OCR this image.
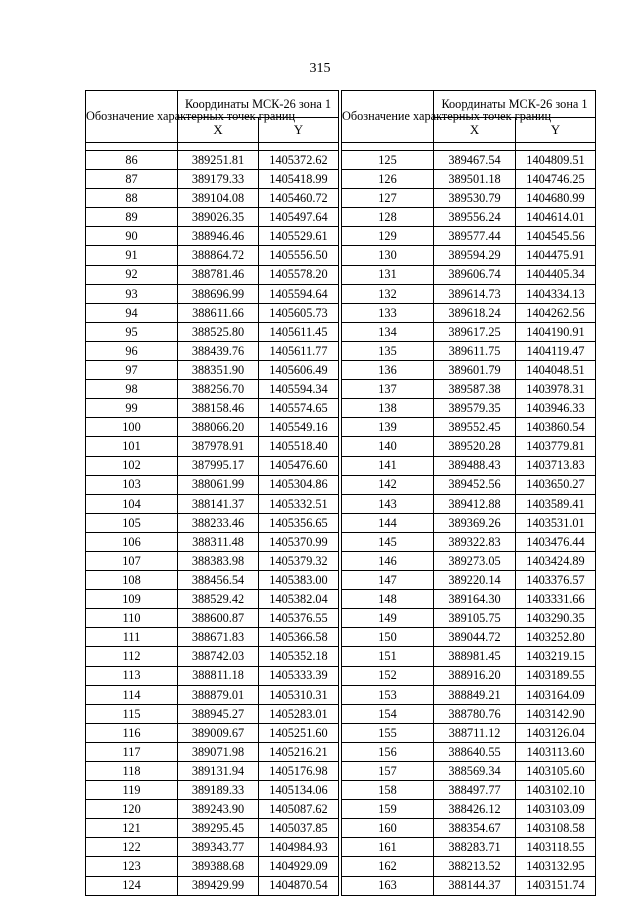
315
Обозначение характерных точек границ	Координаты МСК-26 зона 1	
	X	Y

86	389251.81	1405372.62
87	389179.33	1405418.99
88	389104.08	1405460.72
89	389026.35	1405497.64
90	388946.46	1405529.61
91	388864.72	1405556.50
92	388781.46	1405578.20
93	388696.99	1405594.64
94	388611.66	1405605.73
95	388525.80	1405611.45
96	388439.76	1405611.77
97	388351.90	1405606.49
98	388256.70	1405594.34
99	388158.46	1405574.65
100	388066.20	1405549.16
101	387978.91	1405518.40
102	387995.17	1405476.60
103	388061.99	1405304.86
104	388141.37	1405332.51
105	388233.46	1405356.65
106	388311.48	1405370.99
107	388383.98	1405379.32
108	388456.54	1405383.00
109	388529.42	1405382.04
110	388600.87	1405376.55
111	388671.83	1405366.58
112	388742.03	1405352.18
113	388811.18	1405333.39
114	388879.01	1405310.31
115	388945.27	1405283.01
116	389009.67	1405251.60
117	389071.98	1405216.21
118	389131.94	1405176.98
119	389189.33	1405134.06
120	389243.90	1405087.62
121	389295.45	1405037.85
122	389343.77	1404984.93
123	389388.68	1404929.09
124	389429.99	1404870.54
Обозначение характерных точек границ	Координаты МСК-26 зона 1	
	X	Y

125	389467.54	1404809.51
126	389501.18	1404746.25
127	389530.79	1404680.99
128	389556.24	1404614.01
129	389577.44	1404545.56
130	389594.29	1404475.91
131	389606.74	1404405.34
132	389614.73	1404334.13
133	389618.24	1404262.56
134	389617.25	1404190.91
135	389611.75	1404119.47
136	389601.79	1404048.51
137	389587.38	1403978.31
138	389579.35	1403946.33
139	389552.45	1403860.54
140	389520.28	1403779.81
141	389488.43	1403713.83
142	389452.56	1403650.27
143	389412.88	1403589.41
144	389369.26	1403531.01
145	389322.83	1403476.44
146	389273.05	1403424.89
147	389220.14	1403376.57
148	389164.30	1403331.66
149	389105.75	1403290.35
150	389044.72	1403252.80
151	388981.45	1403219.15
152	388916.20	1403189.55
153	388849.21	1403164.09
154	388780.76	1403142.90
155	388711.12	1403126.04
156	388640.55	1403113.60
157	388569.34	1403105.60
158	388497.77	1403102.10
159	388426.12	1403103.09
160	388354.67	1403108.58
161	388283.71	1403118.55
162	388213.52	1403132.95
163	388144.37	1403151.74
